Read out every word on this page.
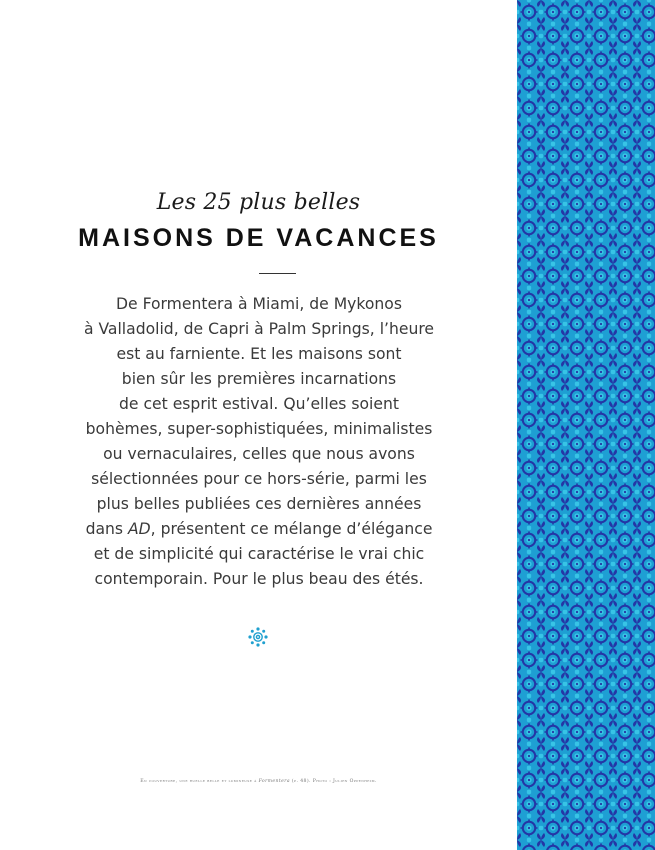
Les 25 plus belles
MAISONS DE VACANCES
De Formentera à Miami, de Mykonos
à Valladolid, de Capri à Palm Springs, l’heure
est au farniente. Et les maisons sont
bien sûr les premières incarnations
de cet esprit estival. Qu’elles soient
bohèmes, super-sophistiquées, minimalistes
ou vernaculaires, celles que nous avons
sélectionnées pour ce hors-série, parmi les
plus belles publiées ces dernières années
dans AD, présentent ce mélange d’élégance
et de simplicité qui caractérise le vrai chic
contemporain. Pour le plus beau des étés.
En couverture, une ruelle belle et lumineuse à Formentera (p. 48). Photo : Julien Oppenheim.
